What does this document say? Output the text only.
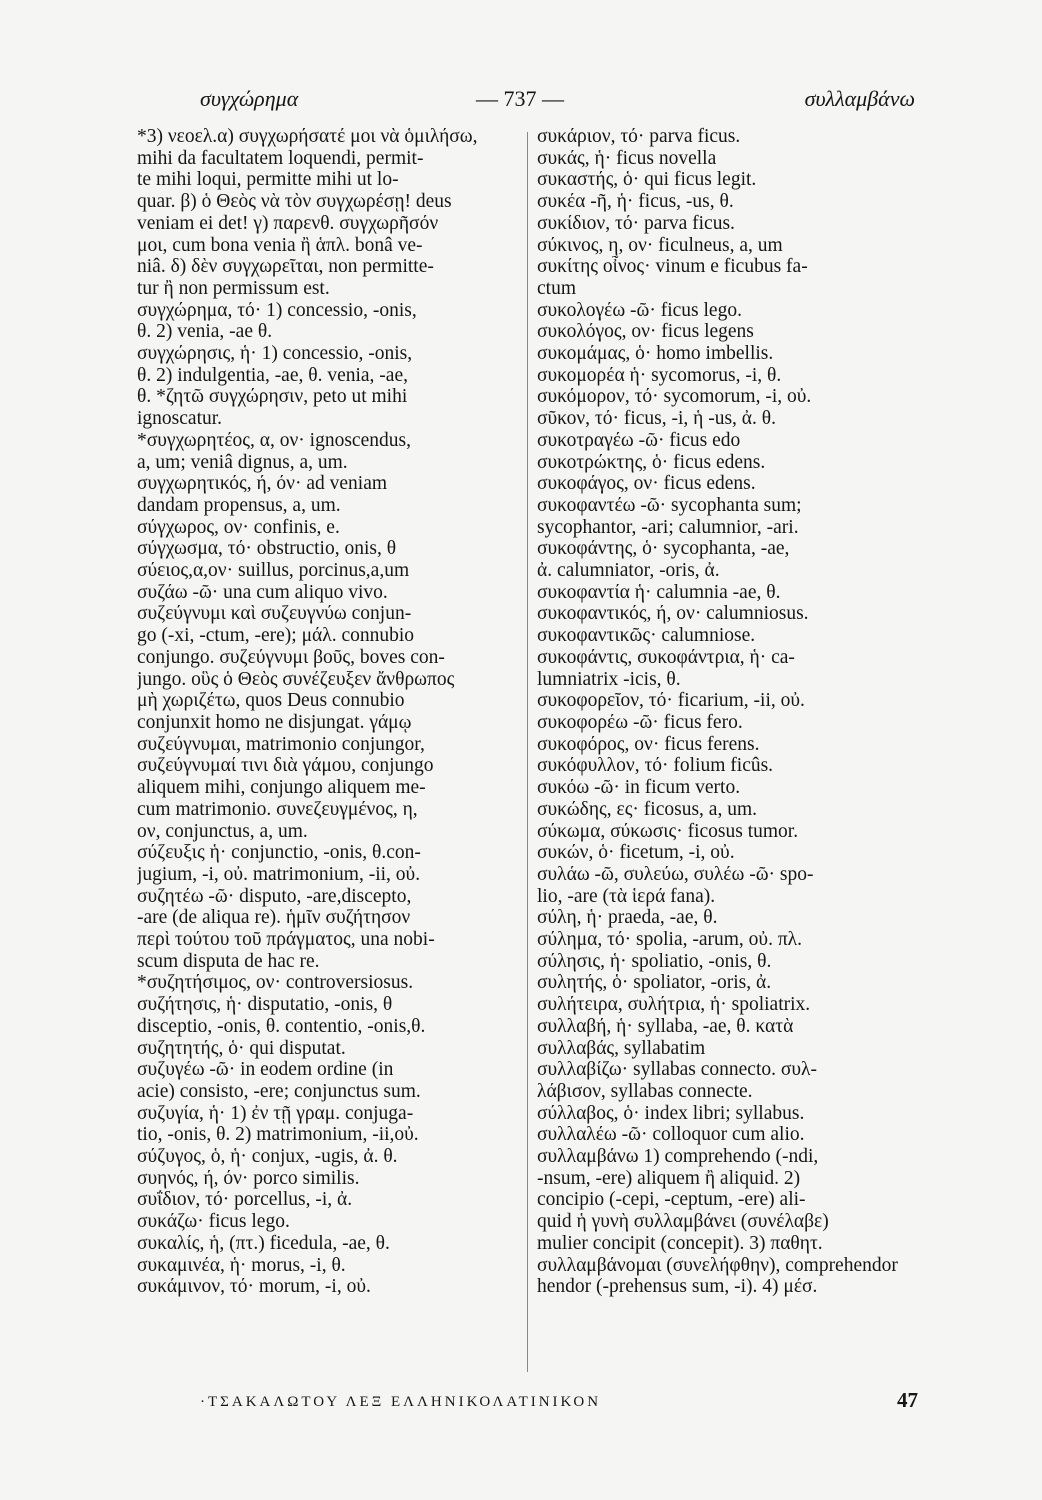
συγχώρημα	— 737 —	συλλαμβάνω
*3) νεοελ.α) συγχωρήσατέ μοι νὰ ὁμιλήσω,
mihi da facultatem loquendi, permit-
te mihi loqui, permitte mihi ut lo-
quar. β) ὁ Θεὸς νὰ τὸν συγχωρέσῃ! deus
veniam ei det! γ) παρενθ. συγχωρῆσόν
μοι, cum bona venia ἢ ἁπλ. bonâ ve-
niâ. δ) δὲν συγχωρεῖται, non permitte-
tur ἢ non permissum est.
συγχώρημα, τό· 1) concessio, -onis,
θ. 2) venia, -ae θ.
συγχώρησις, ἡ· 1) concessio, -onis,
θ. 2) indulgentia, -ae, θ. venia, -ae,
θ. *ζητῶ συγχώρησιν, peto ut mihi
ignoscatur.
*συγχωρητέος, α, ον· ignoscendus,
a, um; veniâ dignus, a, um.
συγχωρητικός, ή, όν· ad veniam
dandam propensus, a, um.
σύγχωρος, ον· confinis, e.
σύγχωσμα, τό· obstructio, onis, θ
σύειος,α,ον· suillus, porcinus,a,um
συζάω -ῶ· una cum aliquo vivo.
συζεύγνυμι καὶ συζευγνύω conjun-
go (-xi, -ctum, -ere); μάλ. connubio
conjungo. συζεύγνυμι βοῦς, boves con-
jungo. οὓς ὁ Θεὸς συνέζευξεν ἄνθρωπος
μὴ χωριζέτω, quos Deus connubio
conjunxit homo ne disjungat. γάμῳ
συζεύγνυμαι, matrimonio conjungor,
συζεύγνυμαί τινι διὰ γάμου, conjungo
aliquem mihi, conjungo aliquem me-
cum matrimonio. συνεζευγμένος, η,
ον, conjunctus, a, um.
σύζευξις ἡ· conjunctio, -onis, θ.con-
jugium, -i, οὐ. matrimonium, -ii, οὐ.
συζητέω -ῶ· disputo, -are,discepto,
-are (de aliqua re). ἡμῖν συζήτησον
περὶ τούτου τοῦ πράγματος, una nobi-
scum disputa de hac re.
*συζητήσιμος, ον· controversiosus.
συζήτησις, ἡ· disputatio, -onis, θ
disceptio, -onis, θ. contentio, -onis,θ.
συζητητής, ὁ· qui disputat.
συζυγέω -ῶ· in eodem ordine (in
acie) consisto, -ere; conjunctus sum.
συζυγία, ἡ· 1) ἐν τῇ γραμ. conjuga-
tio, -onis, θ. 2) matrimonium, -ii,οὐ.
σύζυγος, ὁ, ἡ· conjux, -ugis, ἀ. θ.
συηνός, ή, όν· porco similis.
συΐδιον, τό· porcellus, -i, ἀ.
συκάζω· ficus lego.
συκαλίς, ἡ, (πτ.) ficedula, -ae, θ.
συκαμινέα, ἡ· morus, -i, θ.
συκάμινον, τό· morum, -i, οὐ.
συκάριον, τό· parva ficus.
συκάς, ἡ· ficus novella
συκαστής, ὁ· qui ficus legit.
συκέα -ῆ, ἡ· ficus, -us, θ.
συκίδιον, τό· parva ficus.
σύκινος, η, ον· ficulneus, a, um
συκίτης οἶνος· vinum e ficubus fa-
ctum
συκολογέω -ῶ· ficus lego.
συκολόγος, ον· ficus legens
συκομάμας, ὁ· homo imbellis.
συκομορέα ἡ· sycomorus, -i, θ.
συκόμορον, τό· sycomorum, -i, οὐ.
σῦκον, τό· ficus, -i, ἡ -us, ἀ. θ.
συκοτραγέω -ῶ· ficus edo
συκοτρώκτης, ὁ· ficus edens.
συκοφάγος, ον· ficus edens.
συκοφαντέω -ῶ· sycophanta sum;
sycophantor, -ari; calumnior, -ari.
συκοφάντης, ὁ· sycophanta, -ae,
ἀ. calumniator, -oris, ἀ.
συκοφαντία ἡ· calumnia -ae, θ.
συκοφαντικός, ή, ον· calumniosus.
συκοφαντικῶς· calumniose.
συκοφάντις, συκοφάντρια, ἡ· ca-
lumniatrix -icis, θ.
συκοφορεῖον, τό· ficarium, -ii, οὐ.
συκοφορέω -ῶ· ficus fero.
συκοφόρος, ον· ficus ferens.
συκόφυλλον, τό· folium ficûs.
συκόω -ῶ· in ficum verto.
συκώδης, ες· ficosus, a, um.
σύκωμα, σύκωσις· ficosus tumor.
συκών, ὁ· ficetum, -i, οὐ.
συλάω -ῶ, συλεύω, συλέω -ῶ· spo-
lio, -are (τὰ ἱερά fana).
σύλη, ἡ· praeda, -ae, θ.
σύλημα, τό· spolia, -arum, οὐ. πλ.
σύλησις, ἡ· spoliatio, -onis, θ.
συλητής, ὁ· spoliator, -oris, ἀ.
συλήτειρα, συλήτρια, ἡ· spoliatrix.
συλλαβή, ἡ· syllaba, -ae, θ. κατὰ
συλλαβάς, syllabatim
συλλαβίζω· syllabas connecto. συλ-
λάβισον, syllabas connecte.
σύλλαβος, ὁ· index libri; syllabus.
συλλαλέω -ῶ· colloquor cum alio.
συλλαμβάνω 1) comprehendo (-ndi,
-nsum, -ere) aliquem ἢ aliquid. 2)
concipio (-cepi, -ceptum, -ere) ali-
quid ἡ γυνὴ συλλαμβάνει (συνέλαβε)
mulier concipit (concepit). 3) παθητ.
συλλαμβάνομαι (συνελήφθην), comprehendor
hendor (-prehensus sum, -i). 4) μέσ.
·ΤΣΑΚΑΛΩΤΟΥ ΛΕΞ ΕΛΛΗΝΙΚΟΛΑΤΙΝΙΚΟΝ	47
